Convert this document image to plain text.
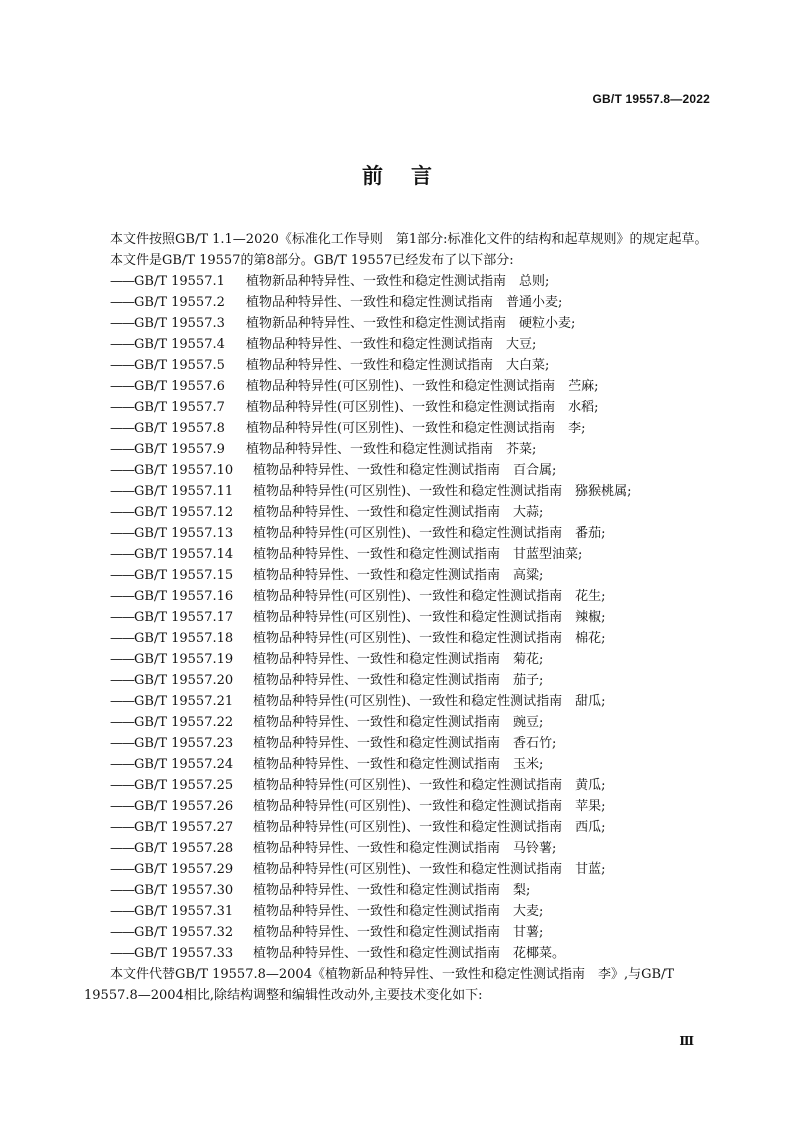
GB/T 19557.8—2022
前 言

本文件按照GB/T 1.1—2020《标准化工作导则　第1部分:标准化文件的结构和起草规则》的规定起草。

本文件是GB/T 19557的第8部分。GB/T 19557已经发布了以下部分:

—— GB/T 19557.1	植物新品种特异性、一致性和稳定性测试指南　总则;
—— GB/T 19557.2	植物品种特异性、一致性和稳定性测试指南　普通小麦;
—— GB/T 19557.3	植物新品种特异性、一致性和稳定性测试指南　硬粒小麦;
—— GB/T 19557.4	植物品种特异性、一致性和稳定性测试指南　大豆;
—— GB/T 19557.5	植物品种特异性、一致性和稳定性测试指南　大白菜;
—— GB/T 19557.6	植物品种特异性(可区别性)、一致性和稳定性测试指南　苎麻;
—— GB/T 19557.7	植物品种特异性(可区别性)、一致性和稳定性测试指南　水稻;
—— GB/T 19557.8	植物品种特异性(可区别性)、一致性和稳定性测试指南　李;
—— GB/T 19557.9	植物品种特异性、一致性和稳定性测试指南　芥菜;
—— GB/T 19557.10	植物品种特异性、一致性和稳定性测试指南　百合属;
—— GB/T 19557.11	植物品种特异性(可区别性)、一致性和稳定性测试指南　猕猴桃属;
—— GB/T 19557.12	植物品种特异性、一致性和稳定性测试指南　大蒜;
—— GB/T 19557.13	植物品种特异性(可区别性)、一致性和稳定性测试指南　番茄;
—— GB/T 19557.14	植物品种特异性、一致性和稳定性测试指南　甘蓝型油菜;
—— GB/T 19557.15	植物品种特异性、一致性和稳定性测试指南　高粱;
—— GB/T 19557.16	植物品种特异性(可区别性)、一致性和稳定性测试指南　花生;
—— GB/T 19557.17	植物品种特异性(可区别性)、一致性和稳定性测试指南　辣椒;
—— GB/T 19557.18	植物品种特异性(可区别性)、一致性和稳定性测试指南　棉花;
—— GB/T 19557.19	植物品种特异性、一致性和稳定性测试指南　菊花;
—— GB/T 19557.20	植物品种特异性、一致性和稳定性测试指南　茄子;
—— GB/T 19557.21	植物品种特异性(可区别性)、一致性和稳定性测试指南　甜瓜;
—— GB/T 19557.22	植物品种特异性、一致性和稳定性测试指南　豌豆;
—— GB/T 19557.23	植物品种特异性、一致性和稳定性测试指南　香石竹;
—— GB/T 19557.24	植物品种特异性、一致性和稳定性测试指南　玉米;
—— GB/T 19557.25	植物品种特异性(可区别性)、一致性和稳定性测试指南　黄瓜;
—— GB/T 19557.26	植物品种特异性(可区别性)、一致性和稳定性测试指南　苹果;
—— GB/T 19557.27	植物品种特异性(可区别性)、一致性和稳定性测试指南　西瓜;
—— GB/T 19557.28	植物品种特异性、一致性和稳定性测试指南　马铃薯;
—— GB/T 19557.29	植物品种特异性(可区别性)、一致性和稳定性测试指南　甘蓝;
—— GB/T 19557.30	植物品种特异性、一致性和稳定性测试指南　梨;
—— GB/T 19557.31	植物品种特异性、一致性和稳定性测试指南　大麦;
—— GB/T 19557.32	植物品种特异性、一致性和稳定性测试指南　甘薯;
—— GB/T 19557.33	植物品种特异性、一致性和稳定性测试指南　花椰菜。

本文件代替GB/T 19557.8—2004《植物新品种特异性、一致性和稳定性测试指南　李》,与GB/T 19557.8—2004相比,除结构调整和编辑性改动外,主要技术变化如下:

Ⅲ
